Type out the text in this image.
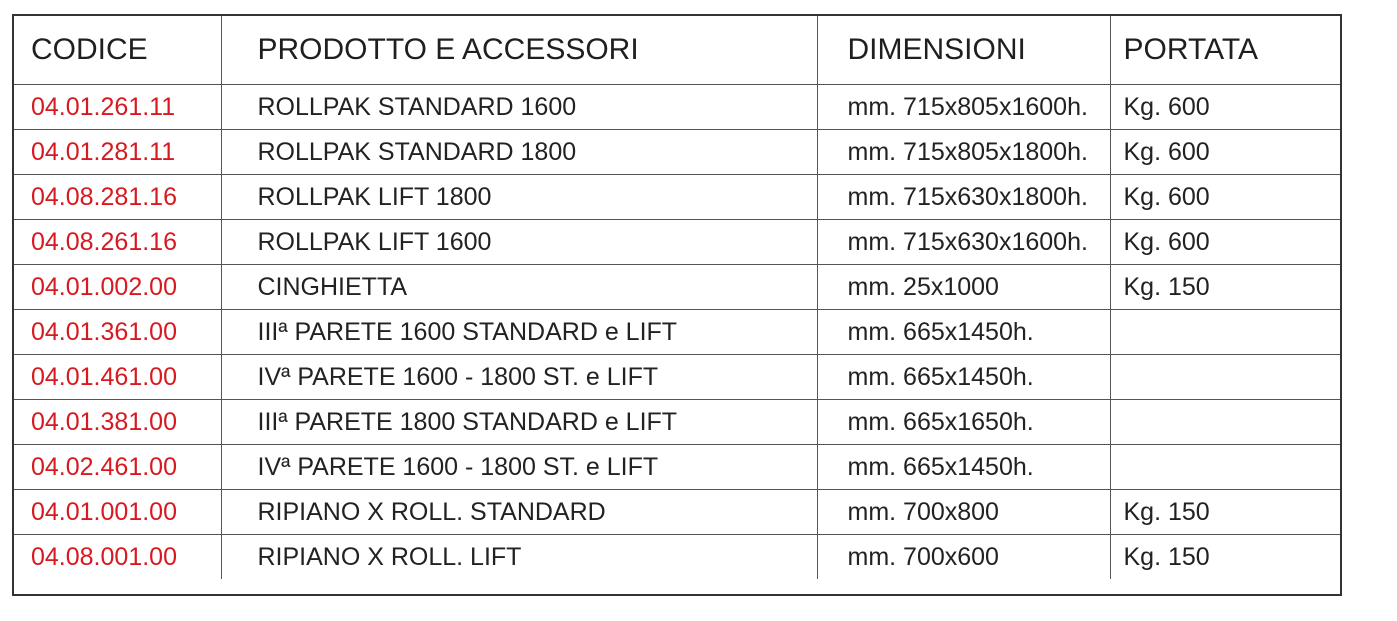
CODICE	PRODOTTO E ACCESSORI	DIMENSIONI	PORTATA
04.01.261.11	ROLLPAK STANDARD 1600	mm. 715x805x1600h.	Kg. 600
04.01.281.11	ROLLPAK STANDARD 1800	mm. 715x805x1800h.	Kg. 600
04.08.281.16	ROLLPAK LIFT 1800	mm. 715x630x1800h.	Kg. 600
04.08.261.16	ROLLPAK LIFT 1600	mm. 715x630x1600h.	Kg. 600
04.01.002.00	CINGHIETTA	mm. 25x1000	Kg. 150
04.01.361.00	IIIª PARETE 1600 STANDARD e LIFT	mm. 665x1450h.	
04.01.461.00	IVª PARETE 1600 - 1800 ST. e LIFT	mm. 665x1450h.	
04.01.381.00	IIIª PARETE 1800 STANDARD e LIFT	mm. 665x1650h.	
04.02.461.00	IVª PARETE 1600 - 1800 ST. e LIFT	mm. 665x1450h.	
04.01.001.00	RIPIANO X ROLL. STANDARD	mm. 700x800	Kg. 150
04.08.001.00	RIPIANO X ROLL. LIFT	mm. 700x600	Kg. 150
